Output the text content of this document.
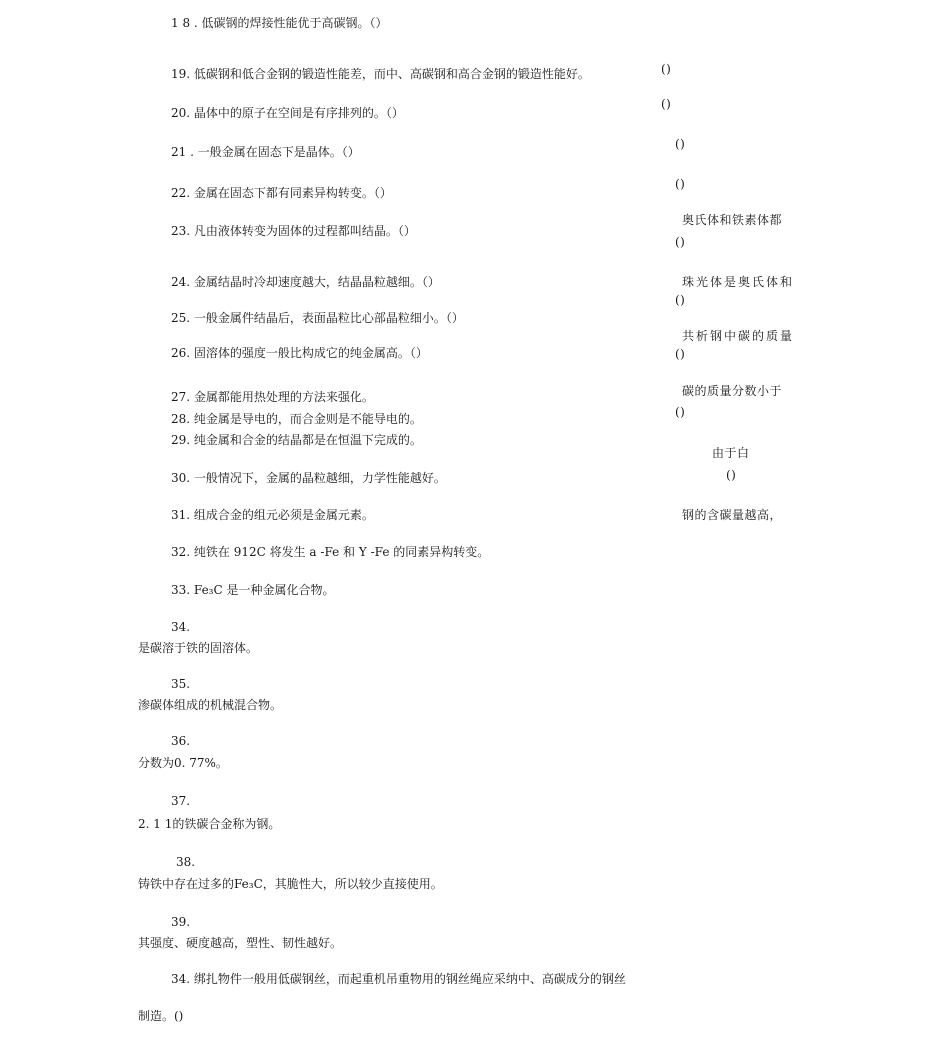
1 8 . 低碳钢的焊接性能优于高碳钢。（）
19. 低碳钢和低合金钢的锻造性能差，而中、高碳钢和高合金钢的锻造性能好。
20. 晶体中的原子在空间是有序排列的。（）
21 . 一般金属在固态下是晶体。（）
22. 金属在固态下都有同素异构转变。（）
23. 凡由液体转变为固体的过程都叫结晶。（）
24. 金属结晶时冷却速度越大，结晶晶粒越细。（）
25. 一般金属件结晶后，表面晶粒比心部晶粒细小。（）
26. 固溶体的强度一般比构成它的纯金属高。（）
27. 金属都能用热处理的方法来强化。
28. 纯金属是导电的，而合金则是不能导电的。
29. 纯金属和合金的结晶都是在恒温下完成的。
30. 一般情况下，金属的晶粒越细，力学性能越好。
31. 组成合金的组元必须是金属元素。
32. 纯铁在 912C 将发生 a -Fe 和 Y -Fe 的同素异构转变。
33. Fe₃C 是一种金属化合物。
34.
是碳溶于铁的固溶体。
35.
渗碳体组成的机械混合物。
36.
分数为0. 77%。
37.
2. 1 1的铁碳合金称为钢。
38.
铸铁中存在过多的Fe₃C，其脆性大，所以较少直接使用。
39.
其强度、硬度越高，塑性、韧性越好。
34. 绑扎物件一般用低碳钢丝，而起重机吊重物用的钢丝绳应采纳中、高碳成分的钢丝
制造。()
()
()
()
()
奥氏体和铁素体都
()
珠光体是奥氏体和
()
共析钢中碳的质量
()
碳的质量分数小于
()
由于白
()
钢的含碳量越高，
